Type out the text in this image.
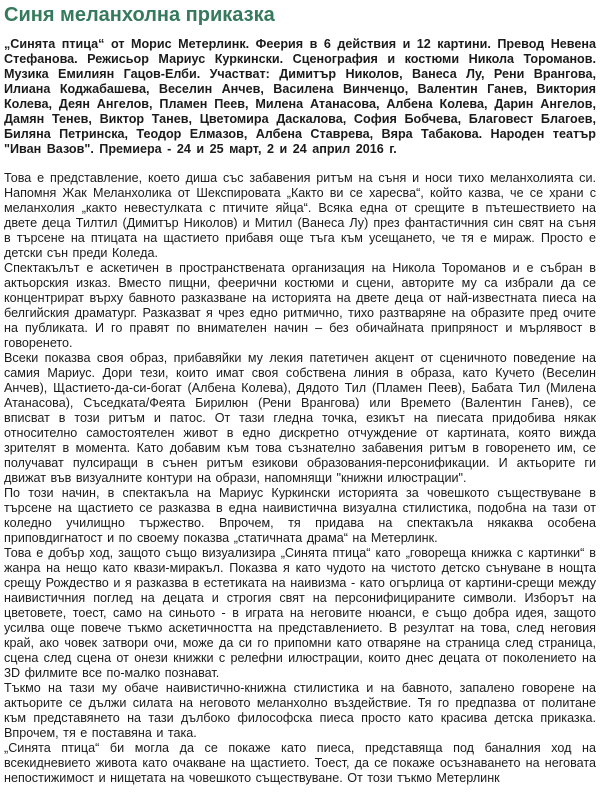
Синя меланхолна приказка

„Синята птица“ от Морис Метерлинк. Феерия в 6 действия и 12 картини. Превод Невена Стефанова. Режисьор Мариус Куркински. Сценография и костюми Никола Тороманов. Музика Емилиян Гацов-Елби. Участват: Димитър Николов, Ванеса Лу, Рени Врангова, Илиана Коджабашева, Веселин Анчев, Василена Винченцо, Валентин Ганев, Виктория Колева, Деян Ангелов, Пламен Пеев, Милена Атанасова, Албена Колева, Дарин Ангелов, Дамян Тенев, Виктор Танев, Цветомира Даскалова, София Бобчева, Благовест Благоев, Биляна Петринска, Теодор Елмазов, Албена Ставрева, Вяра Табакова. Народен театър "Иван Вазов". Премиера - 24 и 25 март, 2 и 24 април 2016 г.

Това е представление, което диша със забавения ритъм на съня и носи тихо меланхолията си. Напомня Жак Меланхолика от Шекспировата „Както ви се харесва“, който казва, че се храни с меланхолия „както невестулката с птичите яйца“. Всяка една от срещите в пътешествието на двете деца Тилтил (Димитър Николов) и Митил (Ванеса Лу) през фантастичния син свят на съня в търсене на птицата на щастието прибавя още тъга към усещането, че тя е мираж. Просто е детски сън преди Коледа.

Спектакълът е аскетичен в пространствената организация на Никола Тороманов и е събран в актьорския изказ. Вместо пищни, феерични костюми и сцени, авторите му са избрали да се концентрират върху бавното разказване на историята на двете деца от най-известната пиеса на белгийския драматург. Разказват я чрез едно ритмично, тихо разтваряне на образите пред очите на публиката. И го правят по внимателен начин – без обичайната припряност и мърлявост в говоренето.

Всеки показва своя образ, прибавяйки му лекия патетичен акцент от сценичното поведение на самия Мариус. Дори тези, които имат своя собствена линия в образа, като Кучето (Веселин Анчев), Щастието-да-си-богат (Албена Колева), Дядото Тил (Пламен Пеев), Бабата Тил (Милена Атанасова), Съседката/Феята Бирилюн (Рени Врангова) или Времето (Валентин Ганев), се вписват в този ритъм и патос. От тази гледна точка, езикът на пиесата придобива някак относително самостоятелен живот в едно дискретно отчуждение от картината, която вижда зрителят в момента. Като добавим към това съзнателно забавения ритъм в говоренето им, се получават пулсиращи в сънен ритъм езикови образования-персонификации. И актьорите ги движат във визуалните контури на образи, напомнящи "книжни илюстрации".

По този начин, в спектакъла на Мариус Куркински историята за човешкото съществуване в търсене на щастието се разказва в една наивистична визуална стилистика, подобна на тази от коледно училищно тържество. Впрочем, тя придава на спектакъла някаква особена приповдигнатост и по своему показва „статичната драма“ на Метерлинк.

Това е добър ход, защото също визуализира „Синята птица“ като „говореща книжка с картинки“ в жанра на нещо като квази-миракъл. Показва я като чудото на чистото детско сънуване в нощта срещу Рождество и я разказва в естетиката на наивизма - като огърлица от картини-срещи между наивистичния поглед на децата и строгия свят на персонифицираните символи. Изборът на цветовете, тоест, само на синьото - в играта на неговите нюанси, е също добра идея, защото усилва още повече тъкмо аскетичността на представлението. В резултат на това, след неговия край, ако човек затвори очи, може да си го припомни като отваряне на страница след страница, сцена след сцена от онези книжки с релефни илюстрации, които днес децата от поколението на 3D филмите все по-малко познават.

Тъкмо на тази му обаче наивистично-книжна стилистика и на бавното, запалено говорене на актьорите се дължи силата на неговото меланхолно въздействие. Тя го предпазва от политане към представянето на тази дълбоко философска пиеса просто като красива детска приказка. Впрочем, тя е поставяна и така.

„Синята птица“ би могла да се покаже като пиеса, представяща под баналния ход на всекидневието живота като очакване на щастието. Тоест, да се покаже осъзнаването на неговата непостижимост и нищетата на човешкото съществуване. От този тъкмо Метерлинк
